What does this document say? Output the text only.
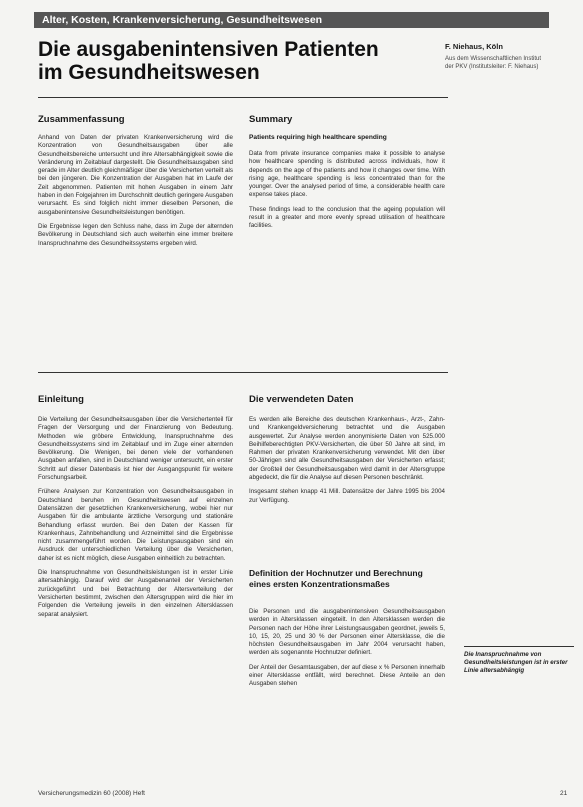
Alter, Kosten, Krankenversicherung, Gesundheitswesen
Die ausgabenintensiven Patienten
im Gesundheitswesen
F. Niehaus, Köln
Aus dem Wissenschaftlichen Institut der PKV (Institutsleiter: F. Niehaus)
Zusammenfassung

Anhand von Daten der privaten Krankenversicherung wird die Konzentration von Gesundheitsausgaben über alle Gesundheitsbereiche untersucht und ihre Altersabhängigkeit sowie die Veränderung im Zeitablauf dargestellt. Die Gesundheitsausgaben sind gerade im Alter deutlich gleichmäßiger über die Versicherten verteilt als bei den jüngeren. Die Konzentration der Ausgaben hat im Laufe der Zeit abgenommen. Patienten mit hohen Ausgaben in einem Jahr haben in den Folgejahren im Durchschnitt deutlich geringere Ausgaben verursacht. Es sind folglich nicht immer dieselben Personen, die ausgabenintensive Gesundheitsleistungen benötigen.

Die Ergebnisse legen den Schluss nahe, dass im Zuge der alternden Bevölkerung in Deutschland sich auch weiterhin eine immer breitere Inanspruchnahme des Gesundheitssystems ergeben wird.

Summary
Patients requiring high healthcare spending

Data from private insurance companies make it possible to analyse how healthcare spending is distributed across individuals, how it depends on the age of the patients and how it changes over time. With rising age, healthcare spending is less concentrated than for the younger. Over the analysed period of time, a considerable health care expense takes place.

These findings lead to the conclusion that the ageing population will result in a greater and more evenly spread utilisation of healthcare facilities.

Einleitung

Die Verteilung der Gesundheitsausgaben über die Versichertenteil für Fragen der Versorgung und der Finanzierung von Bedeutung. Methoden wie gröbere Entwicklung, Inanspruchnahme des Gesundheitssystems sind im Zeitablauf und im Zuge einer alternden Bevölkerung. Die Wenigen, bei denen viele der vorhandenen Ausgaben anfallen, sind in Deutschland weniger untersucht, ein erster Schritt auf dieser Datenbasis ist hier der Ausgangspunkt für weitere Forschungsarbeit.

Frühere Analysen zur Konzentration von Gesundheitsausgaben in Deutschland beruhen im Gesundheitswesen auf einzelnen Datensätzen der gesetzlichen Krankenversicherung, wobei hier nur Ausgaben für die ambulante ärztliche Versorgung und stationäre Behandlung erfasst wurden. Bei den Daten der Kassen für Krankenhaus, Zahnbehandlung und Arzneimittel sind die Ergebnisse nicht zusammengeführt worden. Die Leistungsausgaben sind ein Ausdruck der unterschiedlichen Verteilung über die Versicherten, daher ist es nicht möglich, diese Ausgaben einheitlich zu betrachten.

Die Inanspruchnahme von Gesundheitsleistungen ist in erster Linie altersabhängig. Darauf wird der Ausgabenanteil der Versicherten zurückgeführt und bei Betrachtung der Altersverteilung der Versicherten bestimmt, zwischen den Altersgruppen wird die hier im Folgenden die Verteilung jeweils in den einzelnen Altersklassen separat analysiert.

Die verwendeten Daten

Es werden alle Bereiche des deutschen Krankenhaus-, Arzt-, Zahn- und Krankengeldversicherung betrachtet und die Ausgaben ausgewertet. Zur Analyse werden anonymisierte Daten von 525.000 Beihilfeberechtigten PKV-Versicherten, die über 50 Jahre alt sind, im Rahmen der privaten Krankenversicherung verwendet. Mit den über 50-Jährigen sind alle Gesundheitsausgaben der Versicherten erfasst; der Großteil der Gesundheitsausgaben wird damit in der Altersgruppe abgedeckt, die für die Analyse auf diesen Personen beschränkt.

Insgesamt stehen knapp 41 Mill. Datensätze der Jahre 1995 bis 2004 zur Verfügung.

Definition der Hochnutzer und Berechnung eines ersten Konzentrationsmaßes

Die Personen und die ausgabenintensiven Gesundheitsausgaben werden in Altersklassen eingeteilt. In den Altersklassen werden die Personen nach der Höhe ihrer Leistungsausgaben geordnet, jeweils 5, 10, 15, 20, 25 und 30 % der Personen einer Altersklasse, die die höchsten Gesundheitsausgaben im Jahr 2004 verursacht haben, werden als sogenannte Hochnutzer definiert.

Der Anteil der Gesamtausgaben, der auf diese x % Personen innerhalb einer Altersklasse entfällt, wird berechnet. Diese Anteile an den Ausgaben stehen

Die Inanspruchnahme von Gesundheitsleistungen ist in erster Linie altersabhängig
Versicherungsmedizin 60 (2008) Heft	21
